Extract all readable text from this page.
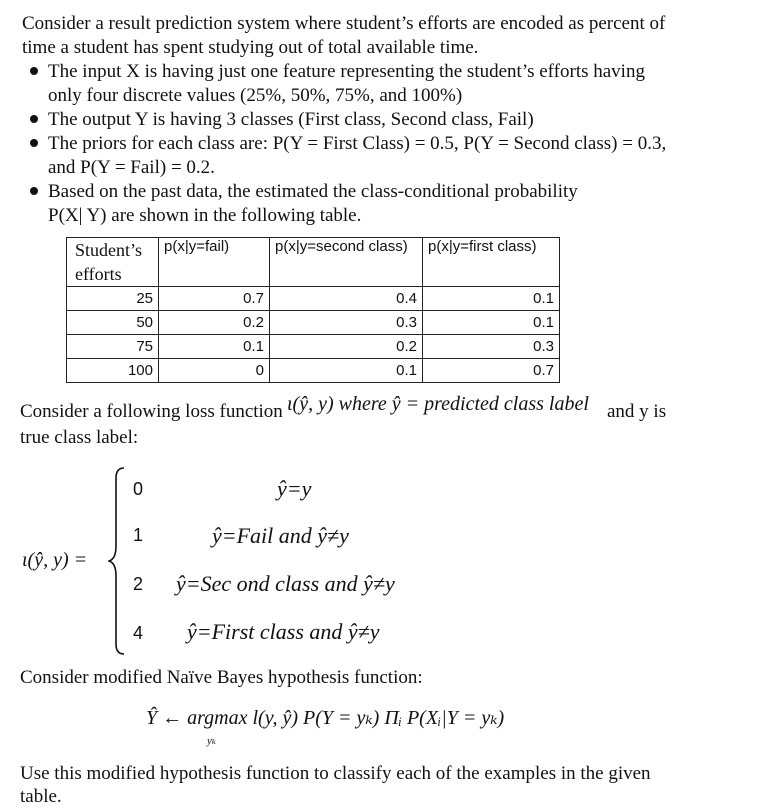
Consider a result prediction system where student’s efforts are encoded as percent of
time a student has spent studying out of total available time.
The input X is having just one feature representing the student’s efforts having
only four discrete values (25%, 50%, 75%, and 100%)
The output Y is having 3 classes (First class, Second class, Fail)
The priors for each class are: P(Y = First Class) = 0.5, P(Y = Second class) = 0.3,
and P(Y = Fail) = 0.2.
Based on the past data, the estimated the class-conditional probability
P(X| Y) are shown in the following table.
Student’s efforts	p(x|y=fail)	p(x|y=second class)	p(x|y=first class)
25	0.7	0.4	0.1
50	0.2	0.3	0.1
75	0.1	0.2	0.3
100	0	0.1	0.7
Consider a following loss function ι(ŷ, y) where ŷ = predicted class label and y is
true class label:
ι(ŷ, y) =
0	ŷ=y
1	ŷ=Fail and ŷ≠y
2 ŷ=Sec ond class and ŷ≠y
4 ŷ=First class and ŷ≠y
Consider modified Naïve Bayes hypothesis function:
Ŷ ← argmax l(y, ŷ) P(Y = yₖ) Πᵢ P(Xᵢ|Y = yₖ)
yₖ
Use this modified hypothesis function to classify each of the examples in the given
table.
